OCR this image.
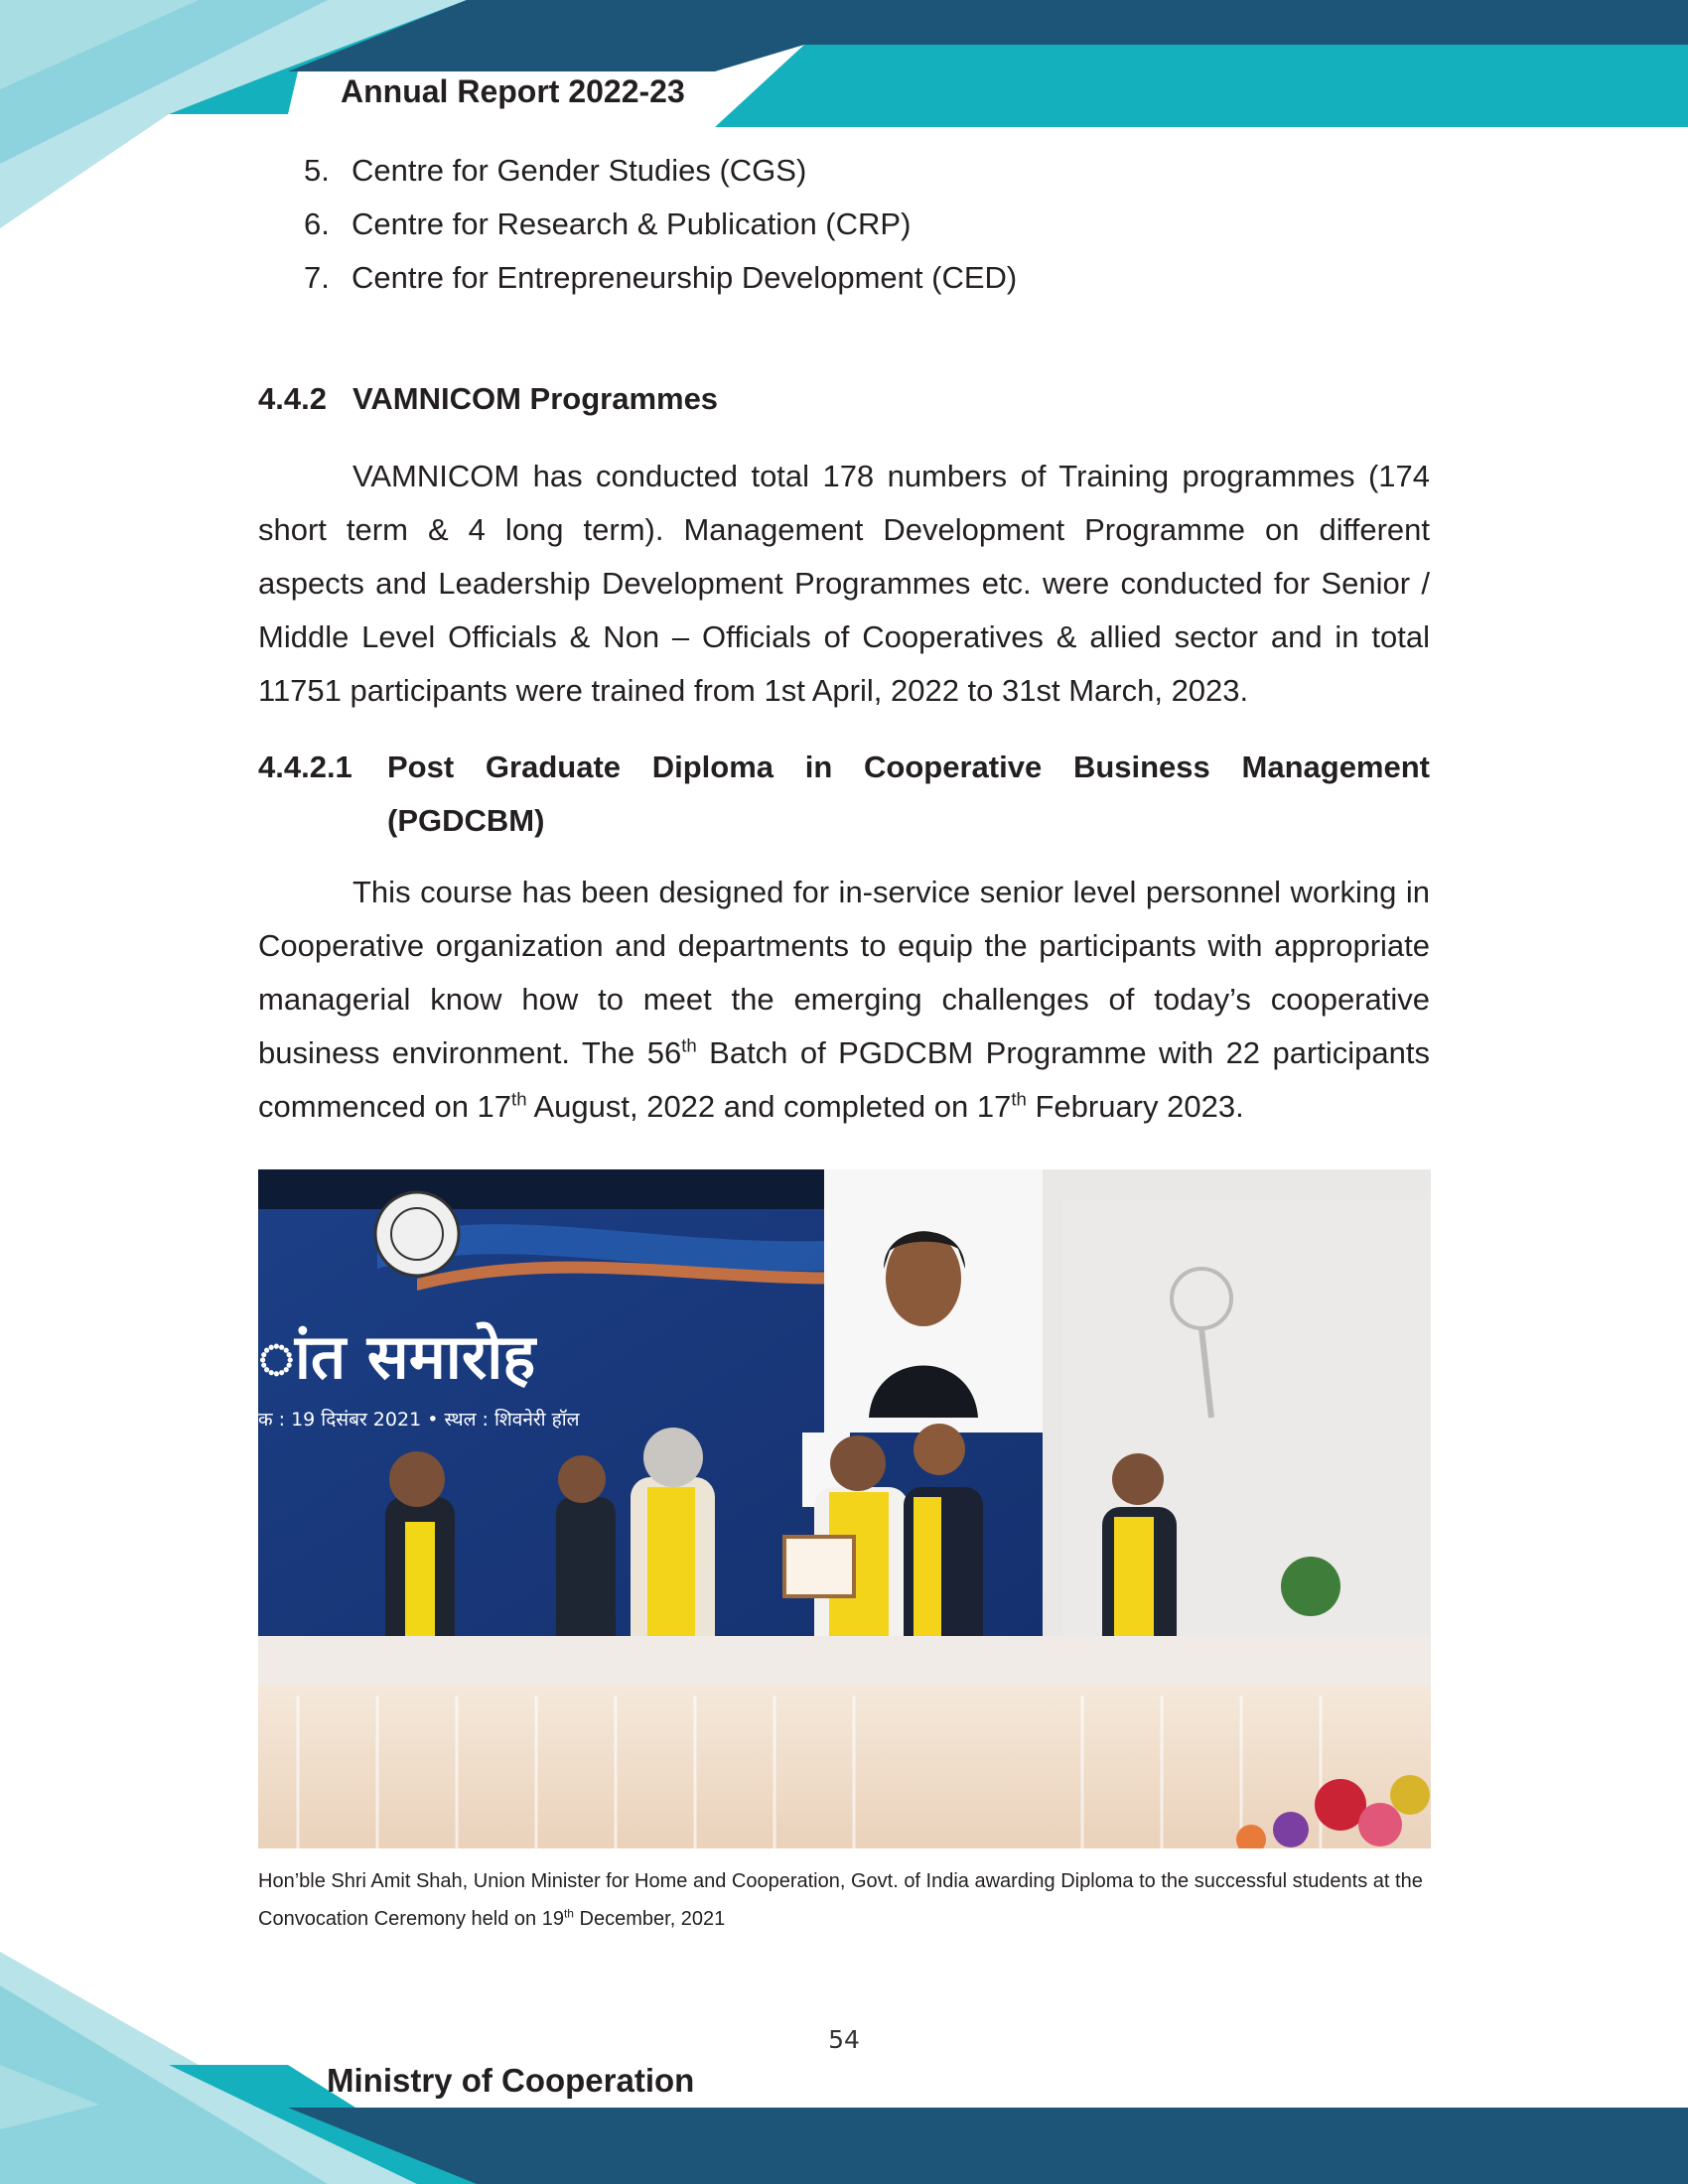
Annual Report 2022-23
5. Centre for Gender Studies (CGS)
6. Centre for Research & Publication (CRP)
7. Centre for Entrepreneurship Development (CED)
4.4.2 VAMNICOM Programmes

VAMNICOM has conducted total 178 numbers of Training programmes (174 short term & 4 long term). Management Development Programme on different aspects and Leadership Development Programmes etc. were conducted for Senior / Middle Level Officials & Non – Officials of Cooperatives & allied sector and in total 11751 participants were trained from 1st April, 2022 to 31st March, 2023.

4.4.2.1 Post Graduate Diploma in Cooperative Business Management
(PGDCBM)

This course has been designed for in-service senior level personnel working in Cooperative organization and departments to equip the participants with appropriate managerial know how to meet the emerging challenges of today’s cooperative business environment. The 56th Batch of PGDCBM Programme with 22 participants commenced on 17th August, 2022 and completed on 17th February 2023.

ांत समारोह
क : 19 दिसंबर 2021 • स्थल : शिवनेरी हॉल

Hon’ble Shri Amit Shah, Union Minister for Home and Cooperation, Govt. of India awarding Diploma to the successful students at the Convocation Ceremony held on 19th December, 2021

54
Ministry of Cooperation
